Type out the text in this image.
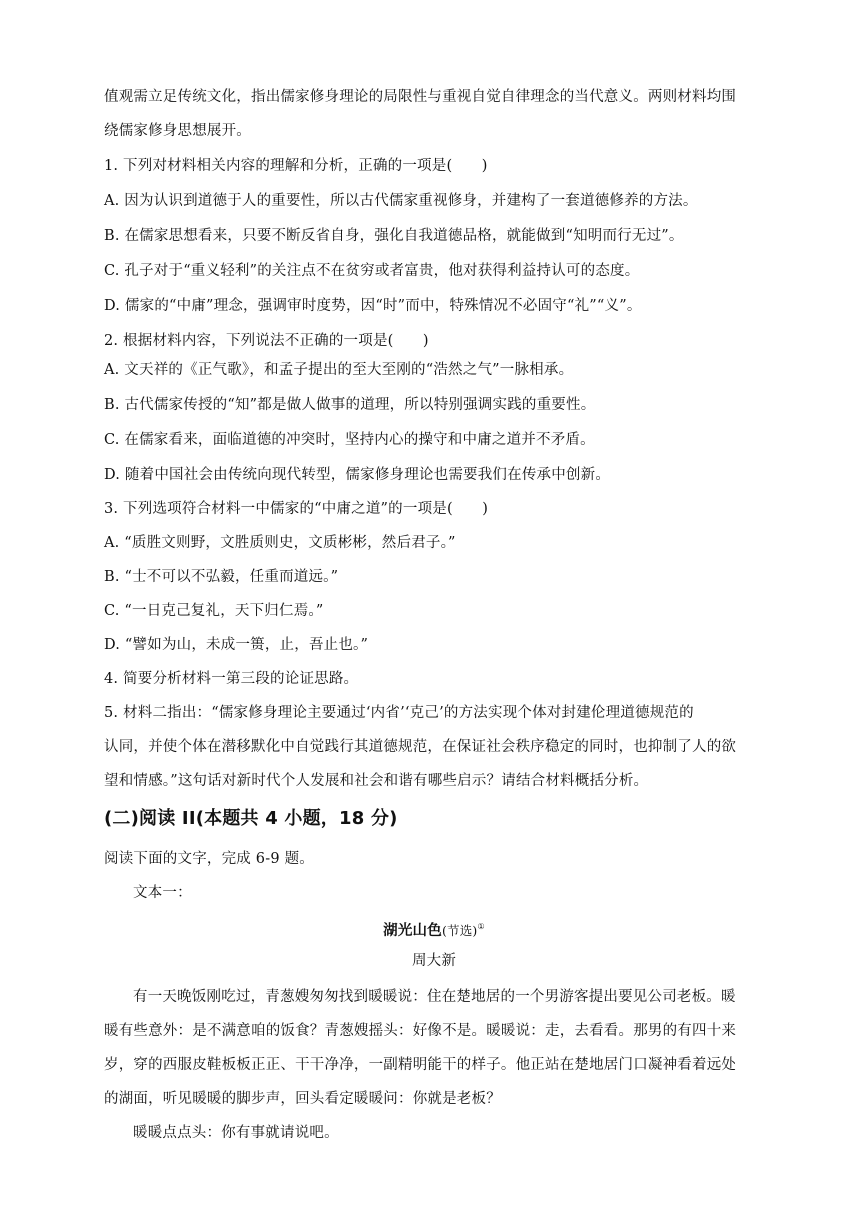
值观需立足传统文化，指出儒家修身理论的局限性与重视自觉自律理念的当代意义。两则材料均围
绕儒家修身思想展开。
1. 下列对材料相关内容的理解和分析，正确的一项是(　　)
A. 因为认识到道德于人的重要性，所以古代儒家重视修身，并建构了一套道德修养的方法。
B. 在儒家思想看来，只要不断反省自身，强化自我道德品格，就能做到“知明而行无过”。
C. 孔子对于“重义轻利”的关注点不在贫穷或者富贵，他对获得利益持认可的态度。
D. 儒家的“中庸”理念，强调审时度势，因“时”而中，特殊情况不必固守“礼”“义”。
2. 根据材料内容，下列说法不正确的一项是(　　)
A. 文天祥的《正气歌》，和孟子提出的至大至刚的“浩然之气”一脉相承。
B. 古代儒家传授的“知”都是做人做事的道理，所以特别强调实践的重要性。
C. 在儒家看来，面临道德的冲突时，坚持内心的操守和中庸之道并不矛盾。
D. 随着中国社会由传统向现代转型，儒家修身理论也需要我们在传承中创新。
3. 下列选项符合材料一中儒家的“中庸之道”的一项是(　　)
A. “质胜文则野，文胜质则史，文质彬彬，然后君子。”
B. “士不可以不弘毅，任重而道远。”
C. “一日克己复礼，天下归仁焉。”
D. “譬如为山，未成一篑，止，吾止也。”
4. 简要分析材料一第三段的论证思路。
5. 材料二指出：“儒家修身理论主要通过‘内省’‘克己’的方法实现个体对封建伦理道德规范的
认同，并使个体在潜移默化中自觉践行其道德规范，在保证社会秩序稳定的同时，也抑制了人的欲
望和情感。”这句话对新时代个人发展和社会和谐有哪些启示？请结合材料概括分析。
(二)阅读 II(本题共 4 小题，18 分)
阅读下面的文字，完成 6-9 题。
文本一：
湖光山色(节选)①
周大新
有一天晚饭刚吃过，青葱嫂匆匆找到暖暖说：住在楚地居的一个男游客提出要见公司老板。暖
暖有些意外：是不满意咱的饭食？青葱嫂摇头：好像不是。暖暖说：走，去看看。那男的有四十来
岁，穿的西服皮鞋板板正正、干干净净，一副精明能干的样子。他正站在楚地居门口凝神看着远处
的湖面，听见暖暖的脚步声，回头看定暖暖问：你就是老板？
暖暖点点头：你有事就请说吧。
